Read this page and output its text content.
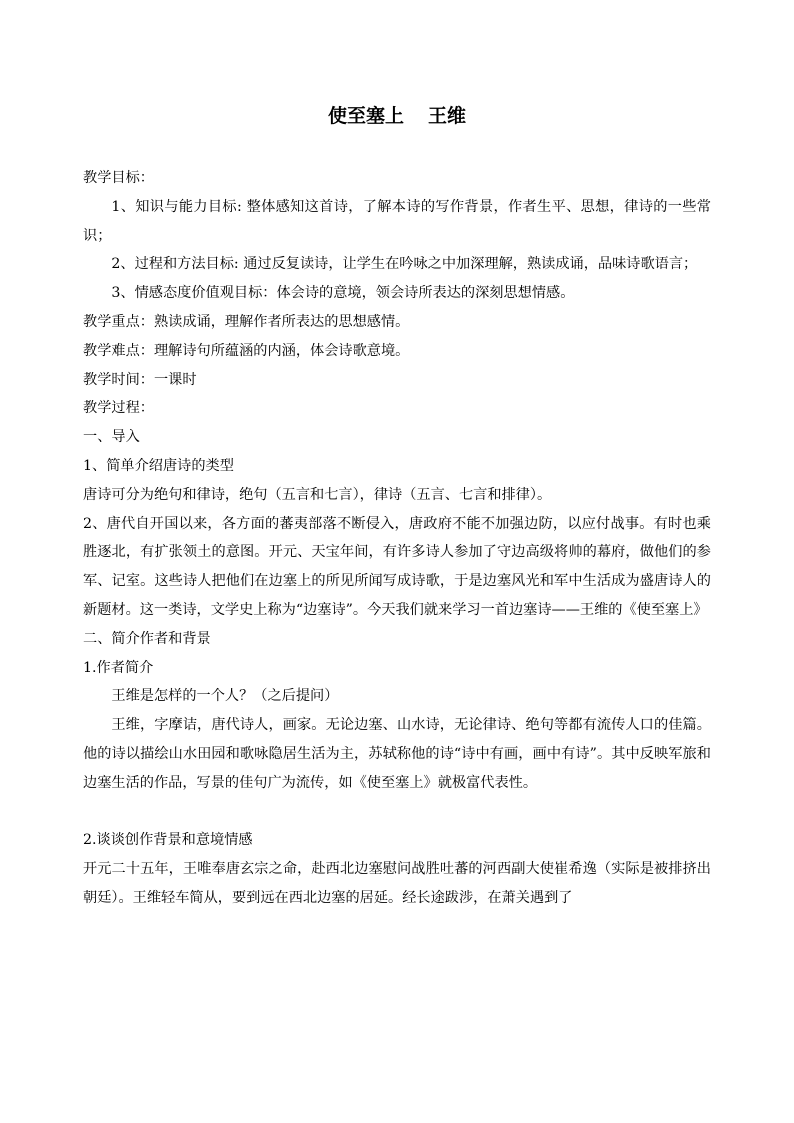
使至塞上 王维

教学目标：

1、知识与能力目标: 整体感知这首诗，了解本诗的写作背景，作者生平、思想，律诗的一些常识；

2、过程和方法目标: 通过反复读诗，让学生在吟咏之中加深理解，熟读成诵，品味诗歌语言；

3、情感态度价值观目标：体会诗的意境，领会诗所表达的深刻思想情感。

教学重点：熟读成诵，理解作者所表达的思想感情。

教学难点：理解诗句所蕴涵的内涵，体会诗歌意境。

教学时间：一课时

教学过程：

一、导入

1、简单介绍唐诗的类型

唐诗可分为绝句和律诗，绝句（五言和七言），律诗（五言、七言和排律）。

2、唐代自开国以来，各方面的蕃夷部落不断侵入，唐政府不能不加强边防，以应付战事。有时也乘胜逐北，有扩张领土的意图。开元、天宝年间，有许多诗人参加了守边高级将帅的幕府，做他们的参军、记室。这些诗人把他们在边塞上的所见所闻写成诗歌，于是边塞风光和军中生活成为盛唐诗人的新题材。这一类诗，文学史上称为“边塞诗”。今天我们就来学习一首边塞诗——王维的《使至塞上》

二、简介作者和背景

1.作者简介

王维是怎样的一个人？（之后提问）

王维，字摩诘，唐代诗人，画家。无论边塞、山水诗，无论律诗、绝句等都有流传人口的佳篇。他的诗以描绘山水田园和歌咏隐居生活为主，苏轼称他的诗“诗中有画，画中有诗”。其中反映军旅和边塞生活的作品，写景的佳句广为流传，如《使至塞上》就极富代表性。

2.谈谈创作背景和意境情感

开元二十五年，王唯奉唐玄宗之命，赴西北边塞慰问战胜吐蕃的河西副大使崔希逸（实际是被排挤出朝廷）。王维轻车简从，要到远在西北边塞的居延。经长途跋涉，在萧关遇到了
